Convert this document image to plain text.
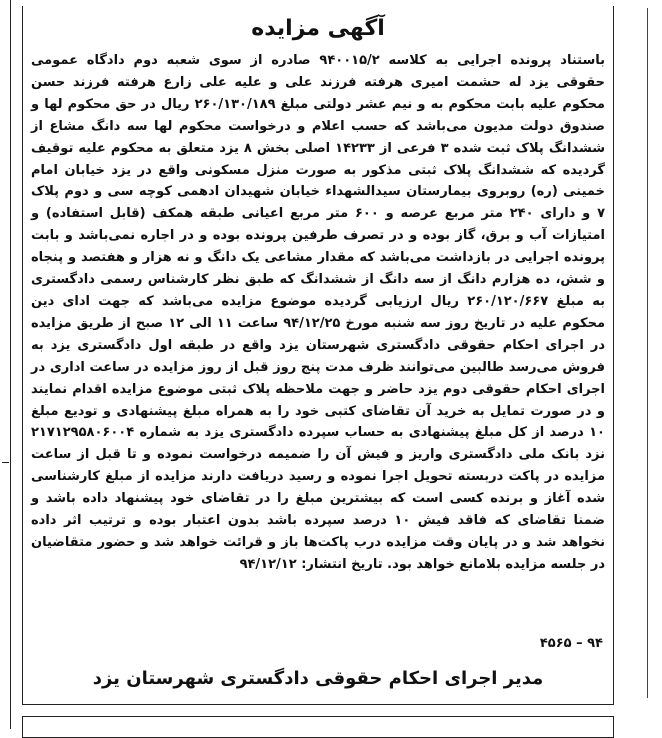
آگهی مزایده
باستناد پرونده اجرایی به کلاسه ۹۴۰۰۱۵/۲ صادره از سوی شعبه دوم دادگاه عمومی حقوقی یزد له حشمت امیری هرفته فرزند علی و علیه علی زارع هرفته فرزند حسن محکوم علیه بابت محکوم به و نیم عشر دولتی مبلغ ۲۶۰/۱۳۰/۱۸۹ ریال در حق محکوم لها و صندوق دولت مدیون می‌باشد که حسب اعلام و درخواست محکوم لها سه دانگ مشاع از ششدانگ پلاک ثبت شده ۳ فرعی از ۱۴۲۳۳ اصلی بخش ۸ یزد متعلق به محکوم علیه توقیف گردیده که ششدانگ پلاک ثبتی مذکور به صورت منزل مسکونی واقع در یزد خیابان امام خمینی (ره) روبروی بیمارستان سیدالشهداء خیابان شهیدان ادهمی کوچه سی و دوم پلاک ۷ و دارای ۲۴۰ متر مربع عرصه و ۶۰۰ متر مربع اعیانی طبقه همکف (قابل استفاده) و امتیازات آب و برق، گاز بوده و در تصرف طرفین پرونده بوده و در اجاره نمی‌باشد و بابت پرونده اجرایی در بازداشت می‌باشد که مقدار مشاعی یک دانگ و نه هزار و هفتصد و پنجاه و شش، ده هزارم دانگ از سه دانگ از ششدانگ که طبق نظر کارشناس رسمی دادگستری به مبلغ ۲۶۰/۱۲۰/۶۶۷ ریال ارزیابی گردیده موضوع مزایده می‌باشد که جهت ادای دین محکوم علیه در تاریخ روز سه شنبه مورخ ۹۴/۱۲/۲۵ ساعت ۱۱ الی ۱۲ صبح از طریق مزایده در اجرای احکام حقوقی دادگستری شهرستان یزد واقع در طبقه اول دادگستری یزد به فروش می‌رسد طالبین می‌توانند ظرف مدت پنج روز قبل از روز مزایده در ساعت اداری در اجرای احکام حقوقی دوم یزد حاضر و جهت ملاحظه پلاک ثبتی موضوع مزایده اقدام نمایند و در صورت تمایل به خرید آن تقاضای کتبی خود را به همراه مبلغ پیشنهادی و تودیع مبلغ ۱۰ درصد از کل مبلغ پیشنهادی به حساب سپرده دادگستری یزد به شماره ۲۱۷۱۲۹۵۸۰۶۰۰۴ نزد بانک ملی دادگستری واریز و فیش آن را ضمیمه درخواست نموده و تا قبل از ساعت مزایده در پاکت دربسته تحویل اجرا نموده و رسید دریافت دارند مزایده از مبلغ کارشناسی شده آغاز و برنده کسی است که بیشترین مبلغ را در تقاضای خود پیشنهاد داده باشد و ضمنا تقاضای که فاقد فیش ۱۰ درصد سپرده باشد بدون اعتبار بوده و ترتیب اثر داده نخواهد شد و در پایان وقت مزایده درب پاکت‌ها باز و قرائت خواهد شد و حضور متقاضیان در جلسه مزایده بلامانع خواهد بود. تاریخ انتشار: ۹۴/۱۲/۱۲
۴۵۶۵ – ۹۴
مدیر اجرای احکام حقوقی دادگستری شهرستان یزد
